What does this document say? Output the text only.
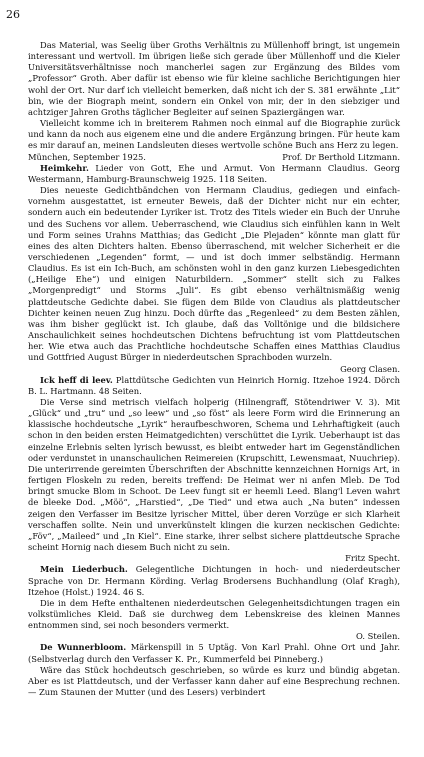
26

Das Material, was Seelig über Groths Verhältnis zu Müllenhoff bringt, ist ungemein interessant und wertvoll. Im übrigen ließe sich gerade über Müllenhoff und die Kieler Universitätsverhältnisse noch mancherlei sagen zur Ergänzung des Bildes vom „Professor“ Groth. Aber dafür ist ebenso wie für kleine sachliche Berichtigungen hier wohl der Ort. Nur darf ich vielleicht bemerken, daß nicht ich der S. 381 erwähnte „Lit“ bin, wie der Biograph meint, sondern ein Onkel von mir, der in den siebziger und achtziger Jahren Groths täglicher Begleiter auf seinen Spaziergängen war.

Vielleicht komme ich in breiterem Rahmen noch einmal auf die Biographie zurück und kann da noch aus eigenem eine und die andere Ergänzung bringen. Für heute kam es mir darauf an, meinen Landsleuten dieses wertvolle schöne Buch ans Herz zu legen.

München, September 1925.	Prof. Dr Berthold Litzmann.

Heimkehr. Lieder von Gott, Ehe und Armut. Von Hermann Claudius. Georg Westermann, Hamburg-Braunschweig 1925. 118 Seiten.

Dies neueste Gedichtbändchen von Hermann Claudius, gediegen und einfach-vornehm ausgestattet, ist erneuter Beweis, daß der Dichter nicht nur ein echter, sondern auch ein bedeutender Lyriker ist. Trotz des Titels wieder ein Buch der Unruhe und des Suchens vor allem. Ueberraschend, wie Claudius sich einfühlen kann in Welt und Form seines Urahns Matthias; das Gedicht „Die Plejaden“ könnte man glatt für eines des alten Dichters halten. Ebenso überraschend, mit welcher Sicherheit er die verschiedenen „Legenden“ formt, — und ist doch immer selbständig. Hermann Claudius. Es ist ein Ich-Buch, am schönsten wohl in den ganz kurzen Liebesgedichten („Heilige Ehe“) und einigen Naturbildern. „Sommer“ stellt sich zu Falkes „Morgenpredigt“ und Storms „Juli“. Es gibt ebenso verhältnismäßig wenig plattdeutsche Gedichte dabei. Sie fügen dem Bilde von Claudius als plattdeutscher Dichter keinen neuen Zug hinzu. Doch dürfte das „Regenleed“ zu dem Besten zählen, was ihm bisher geglückt ist. Ich glaube, daß das Volltönige und die bildsichere Anschaulichkeit seines hochdeutschen Dichtens befruchtung ist vom Plattdeutschen her. Wie etwa auch das Prachtliche hochdeutsche Schaffen eines Matthias Claudius und Gottfried August Bürger in niederdeutschen Sprachboden wurzeln.

Georg Clasen.

Ick heff di leev. Plattdütsche Gedichten vun Heinrich Hornig. Itzehoe 1924. Dörch B. L. Hartmann. 48 Seiten.

Die Verse sind metrisch vielfach holperig (Hilnengraff, Stötendriwer V. 3). Mit „Glück“ und „tru“ und „so leew“ und „so föst“ als leere Form wird die Erinnerung an klassische hochdeutsche „Lyrik“ heraufbeschworen, Schema und Lehrhaftigkeit (auch schon in den beiden ersten Heimatgedichten) verschüttet die Lyrik. Ueberhaupt ist das einzelne Erlebnis selten lyrisch bewusst, es bleibt entweder hart im Gegenständlichen oder verdunstet in unanschaulichen Reimereien (Krupschitt, Lewensmaat, Nuuchriep). Die unterirrende gereimten Überschriften der Abschnitte kennzeichnen Hornigs Art, in fertigen Floskeln zu reden, bereits treffend: De Heimat wer ni anfen Mleb. De Tod bringt smucke Blom in Schoot. De Leev fungt sit er heemli Leed. Blang'l Leven wahrt de bleeke Dod. „Möö“, „Harstied“, „De Tied“ und etwa auch „Na buten“ indessen zeigen den Verfasser im Besitze lyrischer Mittel, über deren Vorzüge er sich Klarheit verschaffen sollte. Nein und unverkünstelt klingen die kurzen neckischen Gedichte: „Föv“, „Maileed“ und „In Kiel“. Eine starke, ihrer selbst sichere plattdeutsche Sprache scheint Hornig nach diesem Buch nicht zu sein.

Fritz Specht.

Mein Liederbuch. Gelegentliche Dichtungen in hoch- und niederdeutscher Sprache von Dr. Hermann Körding. Verlag Brodersens Buchhandlung (Olaf Kragh), Itzehoe (Holst.) 1924. 46 S.

Die in dem Hefte enthaltenen niederdeutschen Gelegenheitsdichtungen tragen ein volkstümliches Kleid. Daß sie durchweg dem Lebenskreise des kleinen Mannes entnommen sind, sei noch besonders vermerkt.

O. Steilen.

De Wunnerbloom. Märkenspill in 5 Uptäg. Von Karl Prahl. Ohne Ort und Jahr. (Selbstverlag durch den Verfasser K. Pr., Kummerfeld bei Pinneberg.)

Wäre das Stück hochdeutsch geschrieben, so würde es kurz und bündig abgetan. Aber es ist Plattdeutsch, und der Verfasser kann daher auf eine Besprechung rechnen. — Zum Staunen der Mutter (und des Lesers) verbindert
